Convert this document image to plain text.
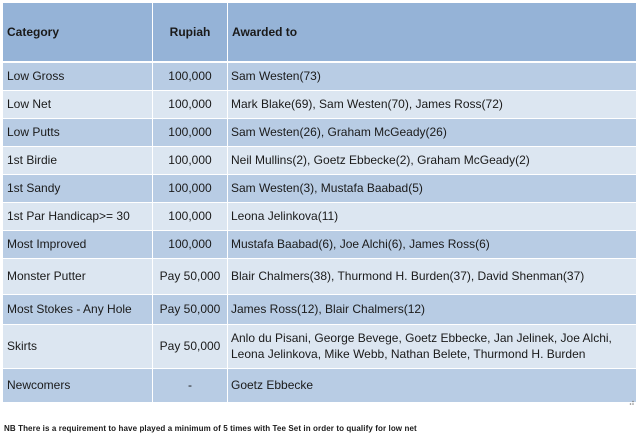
Category	Rupiah	Awarded to
Low Gross	100,000	Sam Westen(73)
Low Net	100,000	Mark Blake(69), Sam Westen(70), James Ross(72)
Low Putts	100,000	Sam Westen(26), Graham McGeady(26)
1st Birdie	100,000	Neil Mullins(2), Goetz Ebbecke(2), Graham McGeady(2)
1st Sandy	100,000	Sam Westen(3), Mustafa Baabad(5)
1st Par Handicap>= 30	100,000	Leona Jelinkova(11)
Most Improved	100,000	Mustafa Baabad(6), Joe Alchi(6), James Ross(6)
Monster Putter	Pay 50,000	Blair Chalmers(38), Thurmond H. Burden(37), David Shenman(37)
Most Stokes - Any Hole	Pay 50,000	James Ross(12), Blair Chalmers(12)
Skirts	Pay 50,000	Anlo du Pisani, George Bevege, Goetz Ebbecke, Jan Jelinek, Joe Alchi, Leona Jelinkova, Mike Webb, Nathan Belete, Thurmond H. Burden
Newcomers	-	Goetz Ebbecke
NB There is a requirement to have played a minimum of 5 times with Tee Set in order to qualify for low net
